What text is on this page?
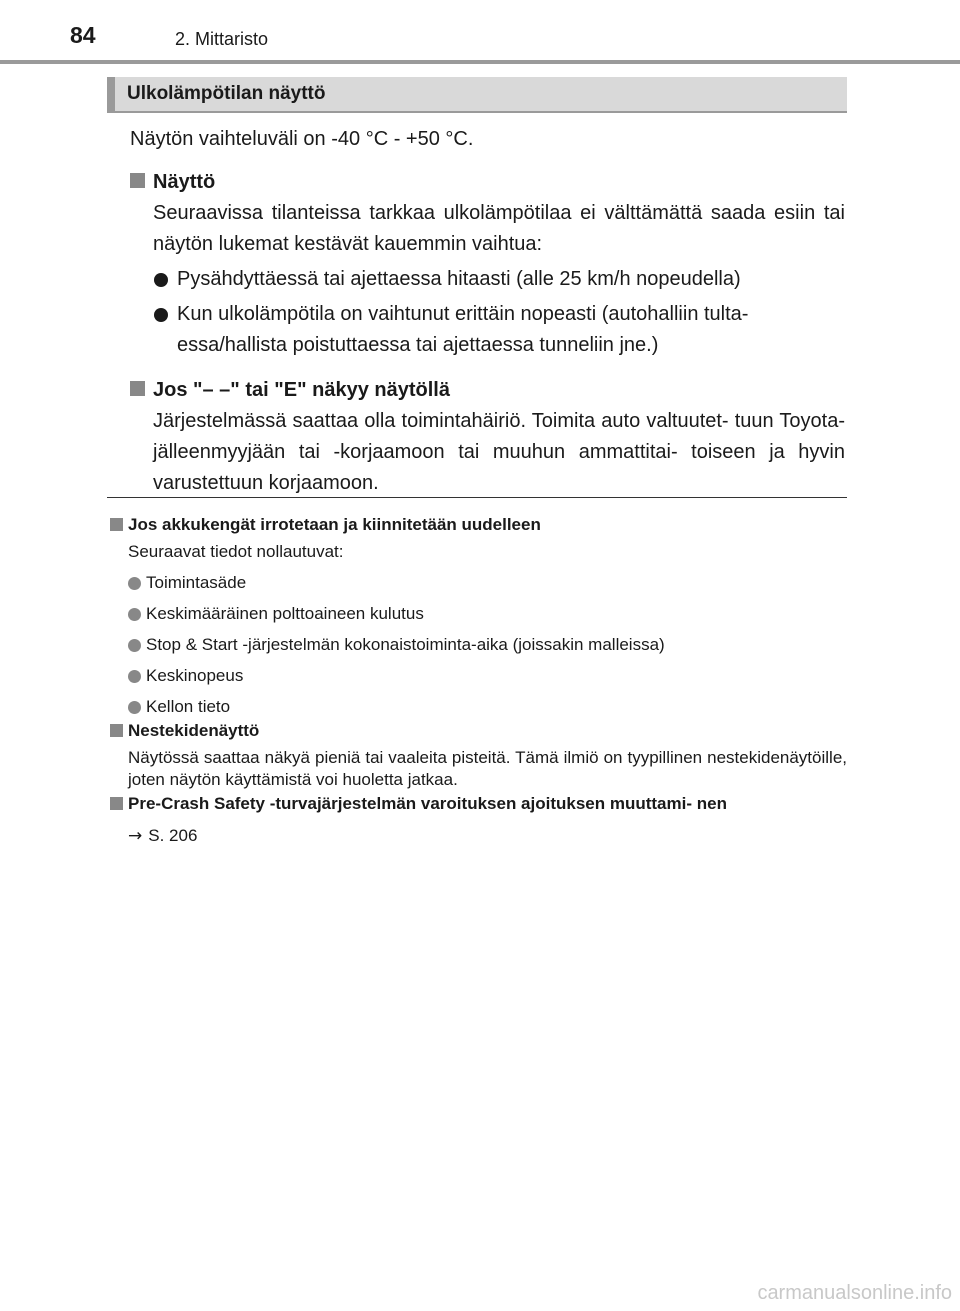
84	2. Mittaristo
Ulkolämpötilan näyttö

Näytön vaihteluväli on -40 °C - +50 °C.

Näyttö

Seuraavissa tilanteissa tarkkaa ulkolämpötilaa ei välttämättä saada esiin tai näytön lukemat kestävät kauemmin vaihtua:

Pysähdyttäessä tai ajettaessa hitaasti (alle 25 km/h nopeudella)

Kun ulkolämpötila on vaihtunut erittäin nopeasti (autohalliin tulta- essa/hallista poistuttaessa tai ajettaessa tunneliin jne.)

Jos "– –" tai "E" näkyy näytöllä

Järjestelmässä saattaa olla toimintahäiriö. Toimita auto valtuutet- tuun Toyota-jälleenmyyjään tai -korjaamoon tai muuhun ammattitai- toiseen ja hyvin varustettuun korjaamoon.

Jos akkukengät irrotetaan ja kiinnitetään uudelleen

Seuraavat tiedot nollautuvat:

Toimintasäde

Keskimääräinen polttoaineen kulutus

Stop & Start -järjestelmän kokonaistoiminta-aika (joissakin malleissa)

Keskinopeus

Kellon tieto

Nestekidenäyttö

Näytössä saattaa näkyä pieniä tai vaaleita pisteitä. Tämä ilmiö on tyypillinen nestekidenäytöille, joten näytön käyttämistä voi huoletta jatkaa.

Pre-Crash Safety -turvajärjestelmän varoituksen ajoituksen muuttami- nen

→ S. 206

carmanualsonline.info
